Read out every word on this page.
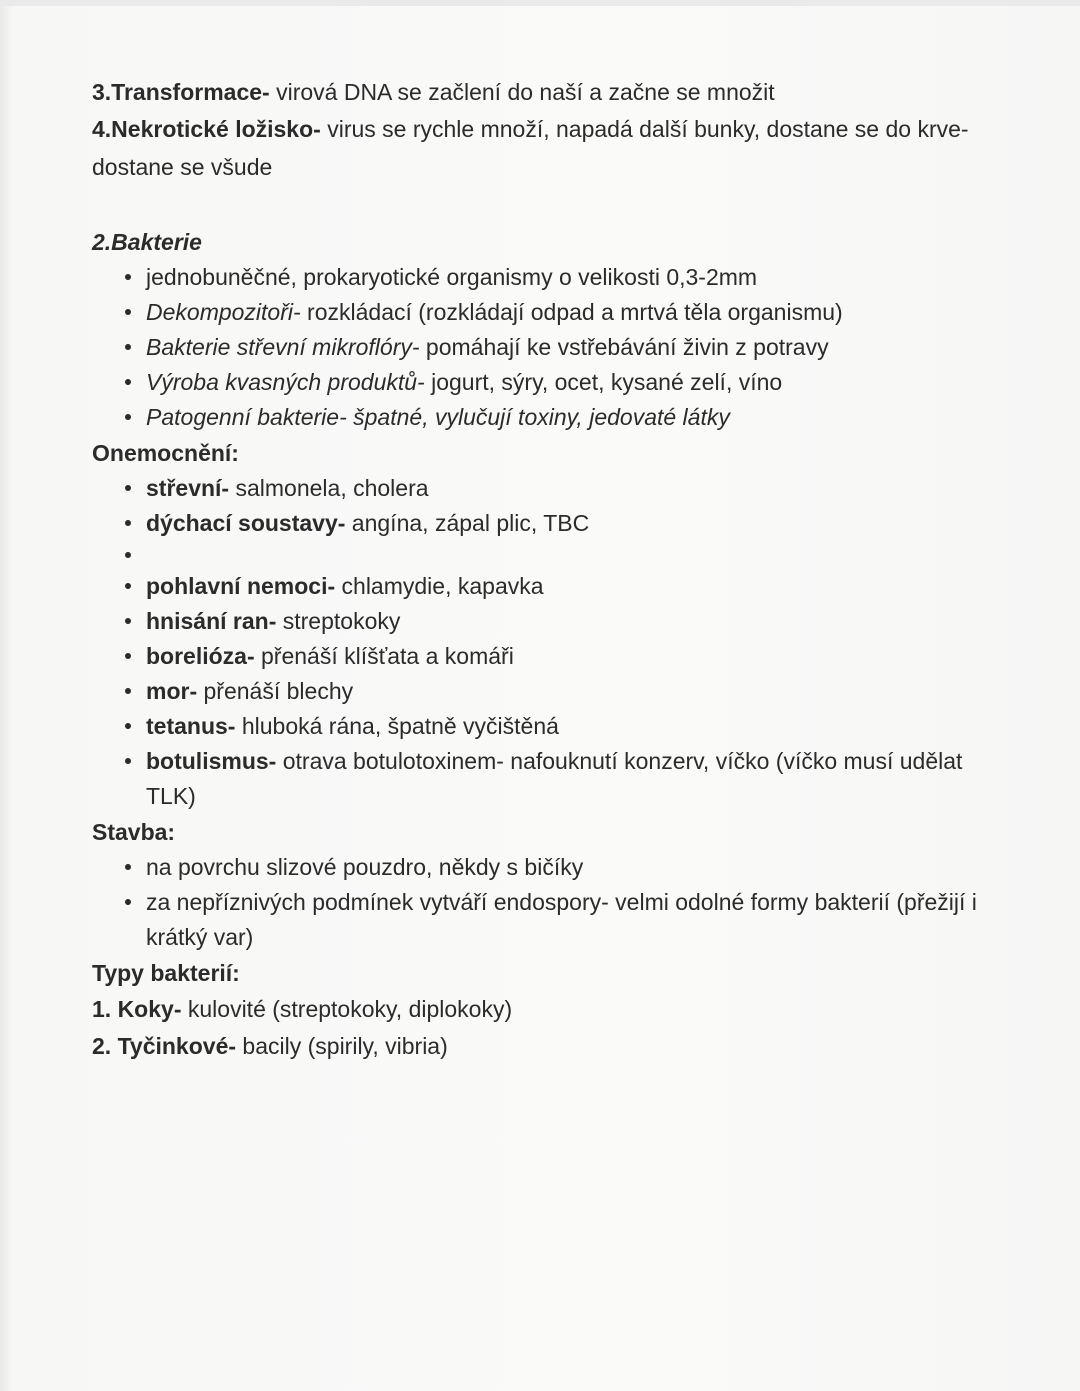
3.Transformace- virová DNA se začlení do naší a začne se množit

4.Nekrotické ložisko- virus se rychle množí, napadá další bunky, dostane se do krve-dostane se všude

2.Bakterie

jednobuněčné, prokaryotické organismy o velikosti 0,3-2mm
Dekompozitoři- rozkládací (rozkládají odpad a mrtvá těla organismu)
Bakterie střevní mikroflóry- pomáhají ke vstřebávání živin z potravy
Výroba kvasných produktů- jogurt, sýry, ocet, kysané zelí, víno
Patogenní bakterie- špatné, vylučují toxiny, jedovaté látky

Onemocnění:

střevní- salmonela, cholera
dýchací soustavy- angína, zápal plic, TBC
pohlavní nemoci- chlamydie, kapavka
hnisání ran- streptokoky
borelióza- přenáší klíšťata a komáři
mor- přenáší blechy
tetanus- hluboká rána, špatně vyčištěná
botulismus- otrava botulotoxinem- nafouknutí konzerv, víčko (víčko musí udělat TLK)

Stavba:

na povrchu slizové pouzdro, někdy s bičíky
za nepříznivých podmínek vytváří endospory- velmi odolné formy bakterií (přežijí i krátký var)

Typy bakterií:

1. Koky- kulovité (streptokoky, diplokoky)
2. Tyčinkové- bacily (spirily, vibria)
